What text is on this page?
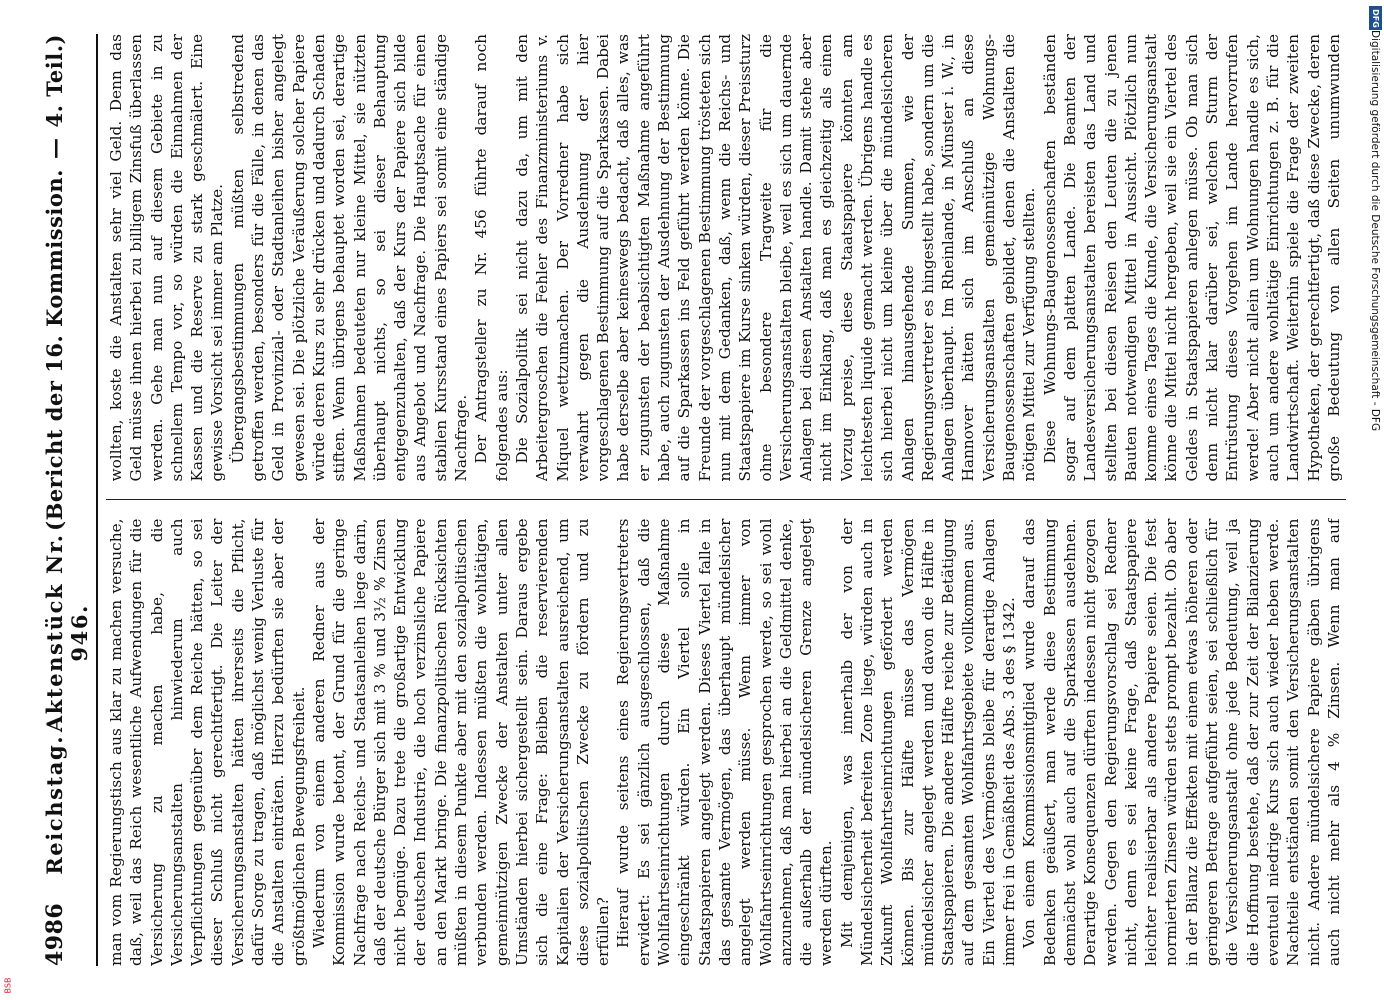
4986
Reichstag.
Aktenstück Nr. 946.
(Bericht der 16. Kommission.—4. Teil.)

man vom Regierungstisch aus klar zu machen versuche, daß, weil das Reich wesentliche Aufwendungen für die Versicherung zu machen habe, die Versicherungsanstalten hinwiederum auch Verpflichtungen gegenüber dem Reiche hätten, so sei dieser Schluß nicht gerechtfertigt. Die Leiter der Versicherungsanstalten hätten ihrerseits die Pflicht, dafür Sorge zu tragen, daß möglichst wenig Verluste für die Anstalten einträten. Hierzu bedürften sie aber der größtmöglichen Bewegungsfreiheit. Wiederum von einem anderen Redner aus der Kommission wurde betont, der Grund für die geringe Nachfrage nach Reichs- und Staatsanleihen liege darin, daß der deutsche Bürger sich mit 3 % und 3½ % Zinsen nicht begnüge. Dazu trete die großartige Entwicklung der deutschen Industrie, die hoch verzinsliche Papiere an den Markt bringe. Die finanzpolitischen Rücksichten müßten in diesem Punkte aber mit den sozialpolitischen verbunden werden. Indessen müßten die wohltätigen, gemeinnützigen Zwecke der Anstalten unter allen Umständen hierbei sichergestellt sein. Daraus ergebe sich die eine Frage: Bleiben die reservierenden Kapitalien der Versicherungsanstalten ausreichend, um diese sozialpolitischen Zwecke zu fördern und zu erfüllen? Hierauf wurde seitens eines Regierungsvertreters erwidert: Es sei gänzlich ausgeschlossen, daß die Wohlfahrtseinrichtungen durch diese Maßnahme eingeschränkt würden. Ein Viertel solle in Staatspapieren angelegt werden. Dieses Viertel falle in das gesamte Vermögen, das überhaupt mündelsicher angelegt werden müsse. Wenn immer von Wohlfahrtseinrichtungen gesprochen werde, so sei wohl anzunehmen, daß man hierbei an die Geldmittel denke, die außerhalb der mündelsicheren Grenze angelegt werden dürften. Mit demjenigen, was innerhalb der von der Mündelsicherheit befreiten Zone liege, würden auch in Zukunft Wohlfahrtseinrichtungen gefördert werden können. Bis zur Hälfte müsse das Vermögen mündelsicher angelegt werden und davon die Hälfte in Staatspapieren. Die andere Hälfte reiche zur Betätigung auf dem gesamten Wohlfahrtsgebiete vollkommen aus. Ein Viertel des Vermögens bleibe für derartige Anlagen immer frei in Gemäßheit des Abs. 3 des § 1342. Von einem Kommissionsmitglied wurde darauf das Bedenken geäußert, man werde diese Bestimmung demnächst wohl auch auf die Sparkassen ausdehnen. Derartige Konsequenzen dürften indessen nicht gezogen werden. Gegen den Regierungsvorschlag sei Redner nicht, denn es sei keine Frage, daß Staatspapiere leichter realisierbar als andere Papiere seien. Die fest normierten Zinsen würden stets prompt bezahlt. Ob aber in der Bilanz die Effekten mit einem etwas höheren oder geringeren Betrage aufgeführt seien, sei schließlich für die Versicherungsanstalt ohne jede Bedeutung, weil ja die Hoffnung bestehe, daß der zur Zeit der Bilanzierung eventuell niedrige Kurs sich auch wieder heben werde. Nachteile entständen somit den Versicherungsanstalten nicht. Andere mündelsichere Papiere gäben übrigens auch nicht mehr als 4 % Zinsen. Wenn man auf

wollten, koste die Anstalten sehr viel Geld. Denn das Geld müsse ihnen hierbei zu billigem Zinsfuß überlassen werden. Gehe man nun auf diesem Gebiete in zu schnellem Tempo vor, so würden die Einnahmen der Kassen und die Reserve zu stark geschmälert. Eine gewisse Vorsicht sei immer am Platze. Übergangsbestimmungen müßten selbstredend getroffen werden, besonders für die Fälle, in denen das Geld in Provinzial- oder Stadtanleihen bisher angelegt gewesen sei. Die plötzliche Veräußerung solcher Papiere würde deren Kurs zu sehr drücken und dadurch Schaden stiften. Wenn übrigens behauptet worden sei, derartige Maßnahmen bedeuteten nur kleine Mittel, sie nützten überhaupt nichts, so sei dieser Behauptung entgegenzuhalten, daß der Kurs der Papiere sich bilde aus Angebot und Nachfrage. Die Hauptsache für einen stabilen Kursstand eines Papiers sei somit eine ständige Nachfrage. Der Antragsteller zu Nr. 456 führte darauf noch folgendes aus: Die Sozialpolitik sei nicht dazu da, um mit den Arbeitergroschen die Fehler des Finanzministeriums v. Miquel wettzumachen. Der Vorredner habe sich verwahrt gegen die Ausdehnung der hier vorgeschlagenen Bestimmung auf die Sparkassen. Dabei habe derselbe aber keineswegs bedacht, daß alles, was er zugunsten der beabsichtigten Maßnahme angeführt habe, auch zugunsten der Ausdehnung der Bestimmung auf die Sparkassen ins Feld geführt werden könne. Die Freunde der vorgeschlagenen Bestimmung trösteten sich nun mit dem Gedanken, daß, wenn die Reichs- und Staatspapiere im Kurse sinken würden, dieser Preissturz ohne besondere Tragweite für die Versicherungsanstalten bleibe, weil es sich um dauernde Anlagen bei diesen Anstalten handle. Damit stehe aber nicht im Einklang, daß man es gleichzeitig als einen Vorzug preise, diese Staatspapiere könnten am leichtesten liquide gemacht werden. Übrigens handle es sich hierbei nicht um kleine über die mündelsicheren Anlagen hinausgehende Summen, wie der Regierungsvertreter es hingestellt habe, sondern um die Anlagen überhaupt. Im Rheinlande, in Münster i. W., in Hannover hätten sich im Anschluß an diese Versicherungsanstalten gemeinnützige Wohnungs-Baugenossenschaften gebildet, denen die Anstalten die nötigen Mittel zur Verfügung stellten. Diese Wohnungs-Baugenossenschaften beständen sogar auf dem platten Lande. Die Beamten der Landesversicherungsanstalten bereisten das Land und stellten bei diesen Reisen den Leuten die zu jenen Bauten notwendigen Mittel in Aussicht. Plötzlich nun komme eines Tages die Kunde, die Versicherungsanstalt könne die Mittel nicht hergeben, weil sie ein Viertel des Geldes in Staatspapieren anlegen müsse. Ob man sich denn nicht klar darüber sei, welchen Sturm der Entrüstung dieses Vorgehen im Lande hervorrufen werde! Aber nicht allein um Wohnungen handle es sich, auch um andere wohltätige Einrichtungen z. B. für die Landwirtschaft. Weiterhin spiele die Frage der zweiten Hypotheken, der gerechtfertigt, daß diese Zwecke, deren große Bedeutung von allen Seiten unumwunden

DFG
Digitalisierung gefördert durch die Deutsche Forschungsgemeinschaft - DFG
BSB
